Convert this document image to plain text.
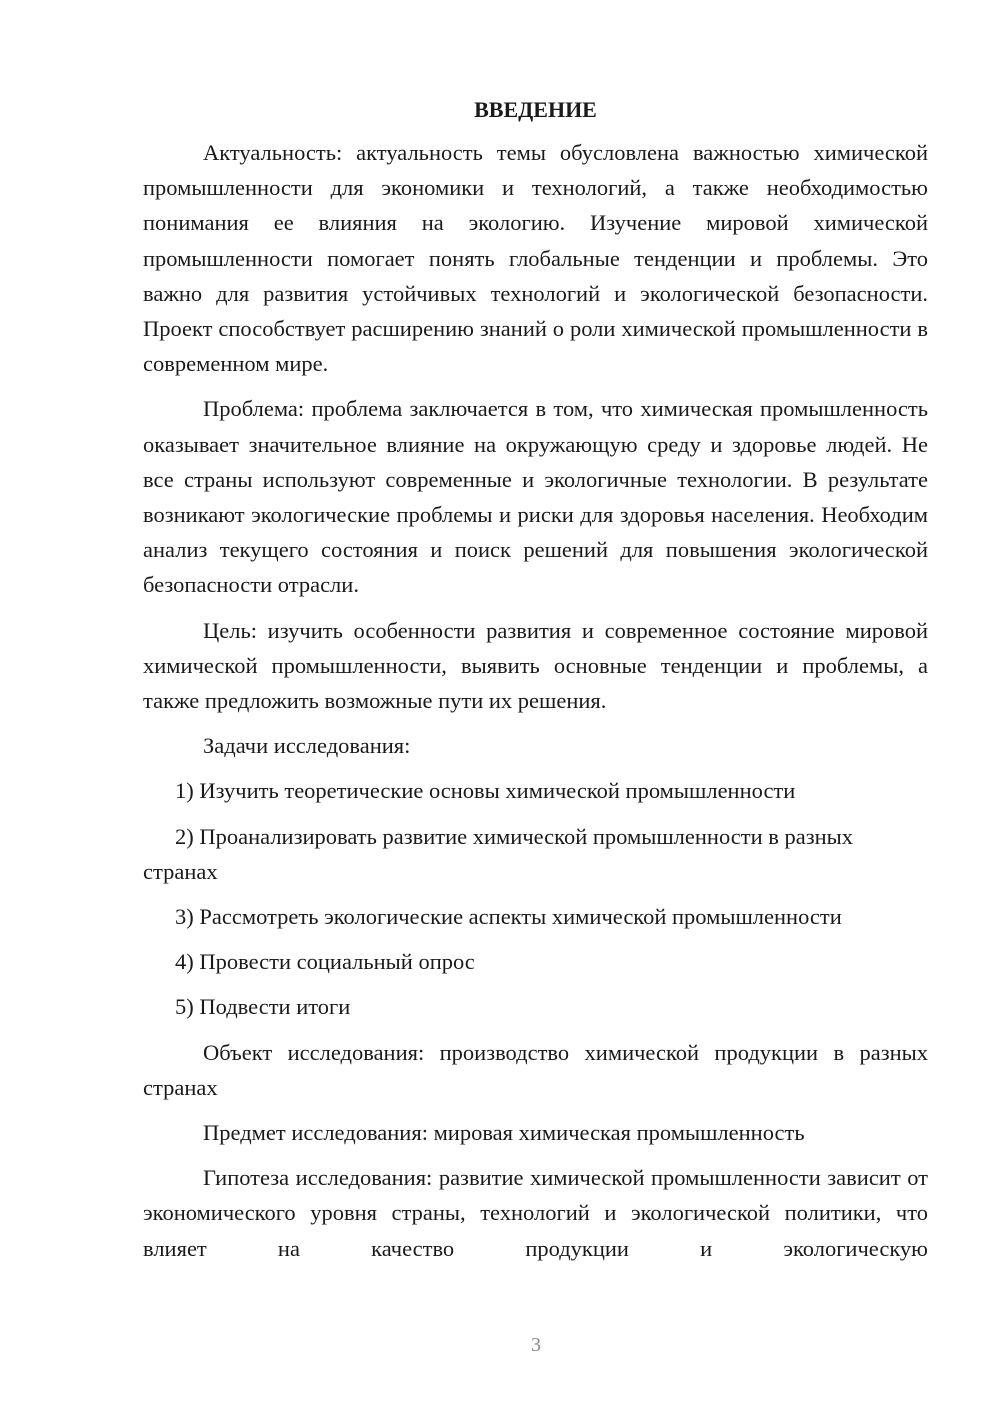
ВВЕДЕНИЕ

Актуальность: актуальность темы обусловлена важностью химической промышленности для экономики и технологий, а также необходимостью понимания ее влияния на экологию. Изучение мировой химической промышленности помогает понять глобальные тенденции и проблемы. Это важно для развития устойчивых технологий и экологической безопасности. Проект способствует расширению знаний о роли химической промышленности в современном мире.

Проблема: проблема заключается в том, что химическая промышленность оказывает значительное влияние на окружающую среду и здоровье людей. Не все страны используют современные и экологичные технологии. В результате возникают экологические проблемы и риски для здоровья населения. Необходим анализ текущего состояния и поиск решений для повышения экологической безопасности отрасли.

Цель: изучить особенности развития и современное состояние мировой химической промышленности, выявить основные тенденции и проблемы, а также предложить возможные пути их решения.

Задачи исследования:

1) Изучить теоретические основы химической промышленности

2) Проанализировать развитие химической промышленности в разных странах

3) Рассмотреть экологические аспекты химической промышленности

4) Провести социальный опрос

5) Подвести итоги

Объект исследования: производство химической продукции в разных странах

Предмет исследования: мировая химическая промышленность

Гипотеза исследования: развитие химической промышленности зависит от экономического уровня страны, технологий и экологической политики, что влияет на качество продукции и экологическую

3
